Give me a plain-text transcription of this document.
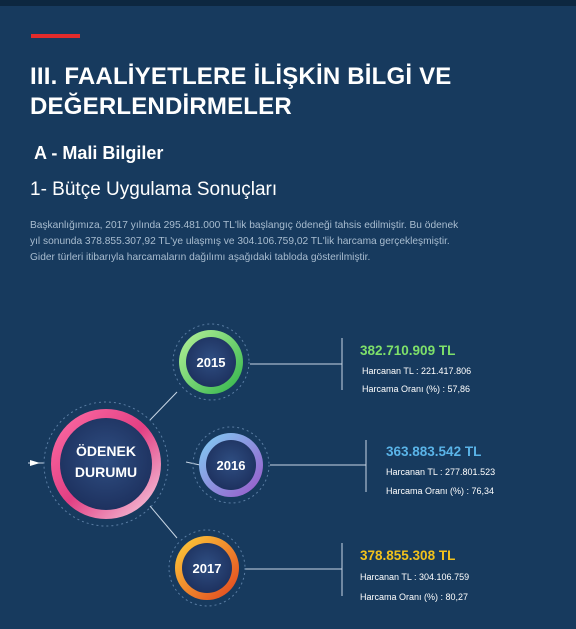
III. FAALİYETLERE İLİŞKİN BİLGİ VE
DEĞERLENDİRMELER
A - Mali Bilgiler
1- Bütçe Uygulama Sonuçları
Başkanlığımıza, 2017 yılında 295.481.000 TL'lik başlangıç ödeneği tahsis edilmiştir. Bu ödenek
yıl sonunda 378.855.307,92 TL'ye ulaşmış ve 304.106.759,02 TL'lik harcama gerçekleşmiştir.
Gider türleri itibarıyla harcamaların dağılımı aşağıdaki tabloda gösterilmiştir.
ÖDENEK
DURUMU
2015
382.710.909 TL
Harcanan TL : 221.417.806
Harcama Oranı (%) : 57,86
2016
363.883.542 TL
Harcanan TL : 277.801.523
Harcama Oranı (%) : 76,34
2017
378.855.308 TL
Harcanan TL : 304.106.759
Harcama Oranı (%) : 80,27
